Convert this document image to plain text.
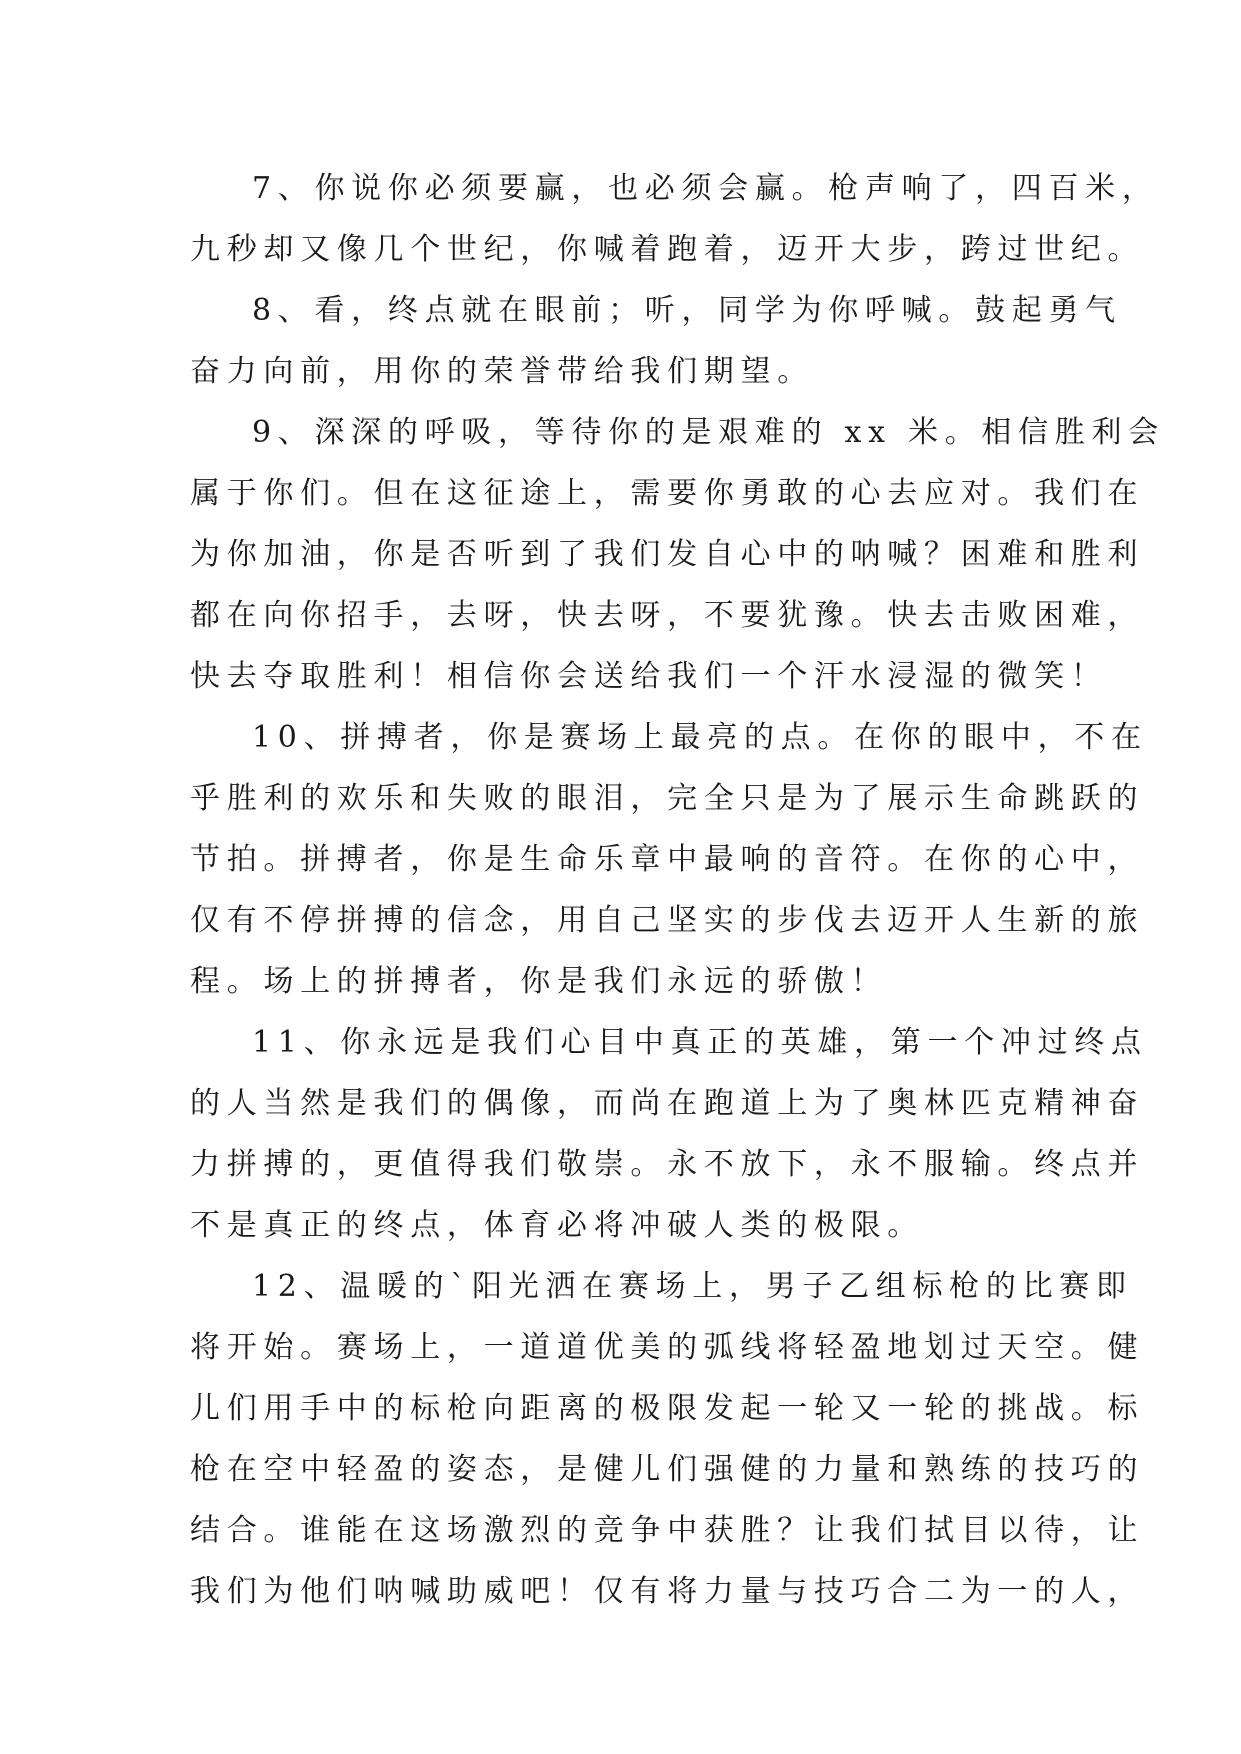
7、你说你必须要赢，也必须会赢。枪声响了，四百米，
九秒却又像几个世纪，你喊着跑着，迈开大步，跨过世纪。
8、看，终点就在眼前；听，同学为你呼喊。鼓起勇气
奋力向前，用你的荣誉带给我们期望。
9、深深的呼吸，等待你的是艰难的 xx 米。相信胜利会
属于你们。但在这征途上，需要你勇敢的心去应对。我们在
为你加油，你是否听到了我们发自心中的呐喊？困难和胜利
都在向你招手，去呀，快去呀，不要犹豫。快去击败困难，
快去夺取胜利！相信你会送给我们一个汗水浸湿的微笑！
10、拼搏者，你是赛场上最亮的点。在你的眼中，不在
乎胜利的欢乐和失败的眼泪，完全只是为了展示生命跳跃的
节拍。拼搏者，你是生命乐章中最响的音符。在你的心中，
仅有不停拼搏的信念，用自己坚实的步伐去迈开人生新的旅
程。场上的拼搏者，你是我们永远的骄傲！
11、你永远是我们心目中真正的英雄，第一个冲过终点
的人当然是我们的偶像，而尚在跑道上为了奥林匹克精神奋
力拼搏的，更值得我们敬崇。永不放下，永不服输。终点并
不是真正的终点，体育必将冲破人类的极限。
12、温暖的`阳光洒在赛场上，男子乙组标枪的比赛即
将开始。赛场上，一道道优美的弧线将轻盈地划过天空。健
儿们用手中的标枪向距离的极限发起一轮又一轮的挑战。标
枪在空中轻盈的姿态，是健儿们强健的力量和熟练的技巧的
结合。谁能在这场激烈的竞争中获胜？让我们拭目以待，让
我们为他们呐喊助威吧！仅有将力量与技巧合二为一的人，
